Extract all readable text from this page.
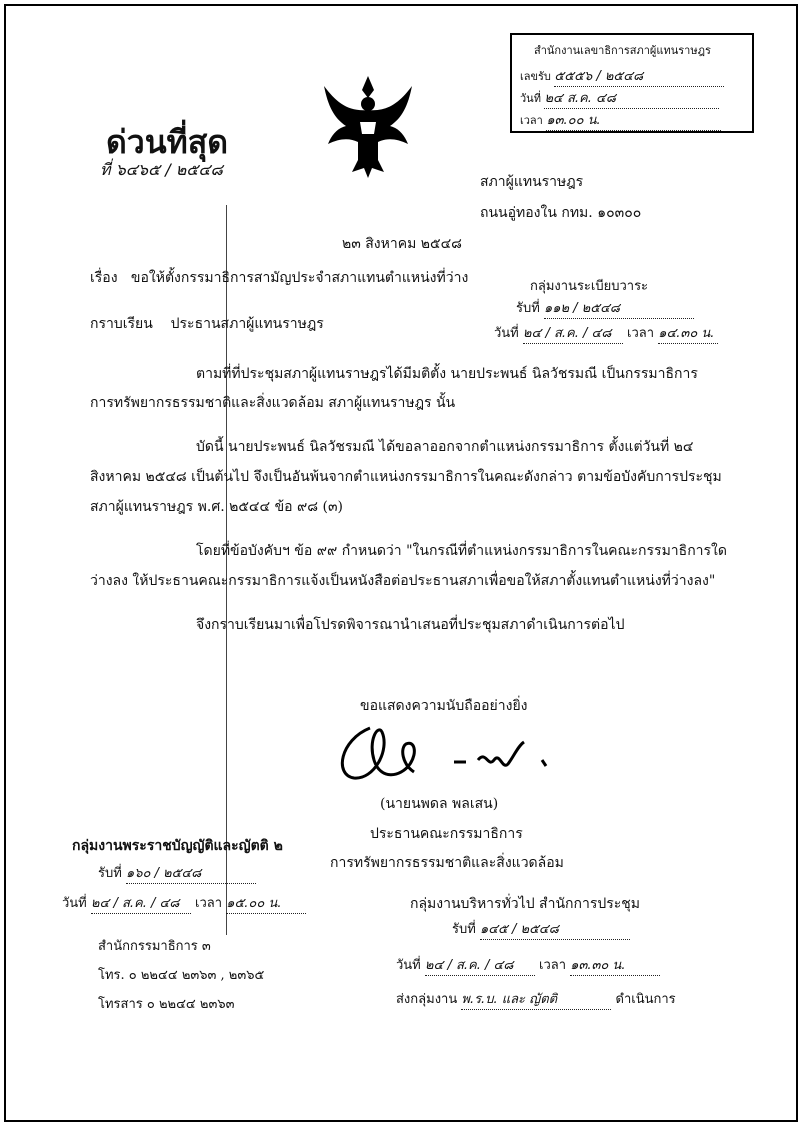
สำนักงานเลขาธิการสภาผู้แทนราษฎร
เลขรับ ๕๕๕๖ / ๒๕๔๘
วันที่ ๒๔ ส.ค. ๔๘
เวลา ๑๓.๐๐ น.
ด่วนที่สุด
ที่ ๖๔๖๕ / ๒๕๔๘
สภาผู้แทนราษฎร
ถนนอู่ทองใน กทม. ๑๐๓๐๐
๒๓ สิงหาคม ๒๕๔๘
เรื่อง ขอให้ตั้งกรรมาธิการสามัญประจำสภาแทนตำแหน่งที่ว่าง
กราบเรียน ประธานสภาผู้แทนราษฎร
กลุ่มงานระเบียบวาระ
รับที่ ๑๑๒ / ๒๕๔๘
วันที่ ๒๔ / ส.ค. / ๔๘ เวลา ๑๔.๓๐ น.
ตามที่ที่ประชุมสภาผู้แทนราษฎรได้มีมติตั้ง นายประพนธ์ นิลวัชรมณี เป็นกรรมาธิการ
การทรัพยากรธรรมชาติและสิ่งแวดล้อม สภาผู้แทนราษฎร นั้น
บัดนี้ นายประพนธ์ นิลวัชรมณี ได้ขอลาออกจากตำแหน่งกรรมาธิการ ตั้งแต่วันที่ ๒๔
สิงหาคม ๒๕๔๘ เป็นต้นไป จึงเป็นอันพ้นจากตำแหน่งกรรมาธิการในคณะดังกล่าว ตามข้อบังคับการประชุม
สภาผู้แทนราษฎร พ.ศ. ๒๕๔๔ ข้อ ๙๘ (๓)
โดยที่ข้อบังคับฯ ข้อ ๙๙ กำหนดว่า "ในกรณีที่ตำแหน่งกรรมาธิการในคณะกรรมาธิการใด
ว่างลง ให้ประธานคณะกรรมาธิการแจ้งเป็นหนังสือต่อประธานสภาเพื่อขอให้สภาตั้งแทนตำแหน่งที่ว่างลง"
จึงกราบเรียนมาเพื่อโปรดพิจารณานำเสนอที่ประชุมสภาดำเนินการต่อไป
ขอแสดงความนับถืออย่างยิ่ง
(นายนพดล พลเสน)
ประธานคณะกรรมาธิการ
การทรัพยากรธรรมชาติและสิ่งแวดล้อม
กลุ่มงานพระราชบัญญัติและญัตติ ๒
รับที่ ๑๖๐ / ๒๕๔๘
วันที่ ๒๔ / ส.ค. / ๔๘ เวลา ๑๕.๐๐ น.
สำนักกรรมาธิการ ๓
โทร. ๐ ๒๒๔๔ ๒๓๖๓ , ๒๓๖๕
โทรสาร ๐ ๒๒๔๔ ๒๓๖๓
กลุ่มงานบริหารทั่วไป สำนักการประชุม
รับที่ ๑๔๕ / ๒๕๔๘
วันที่ ๒๔ / ส.ค. / ๔๘ เวลา ๑๓.๓๐ น.
ส่งกลุ่มงาน พ.ร.บ. และ ญัตติ	ดำเนินการ
